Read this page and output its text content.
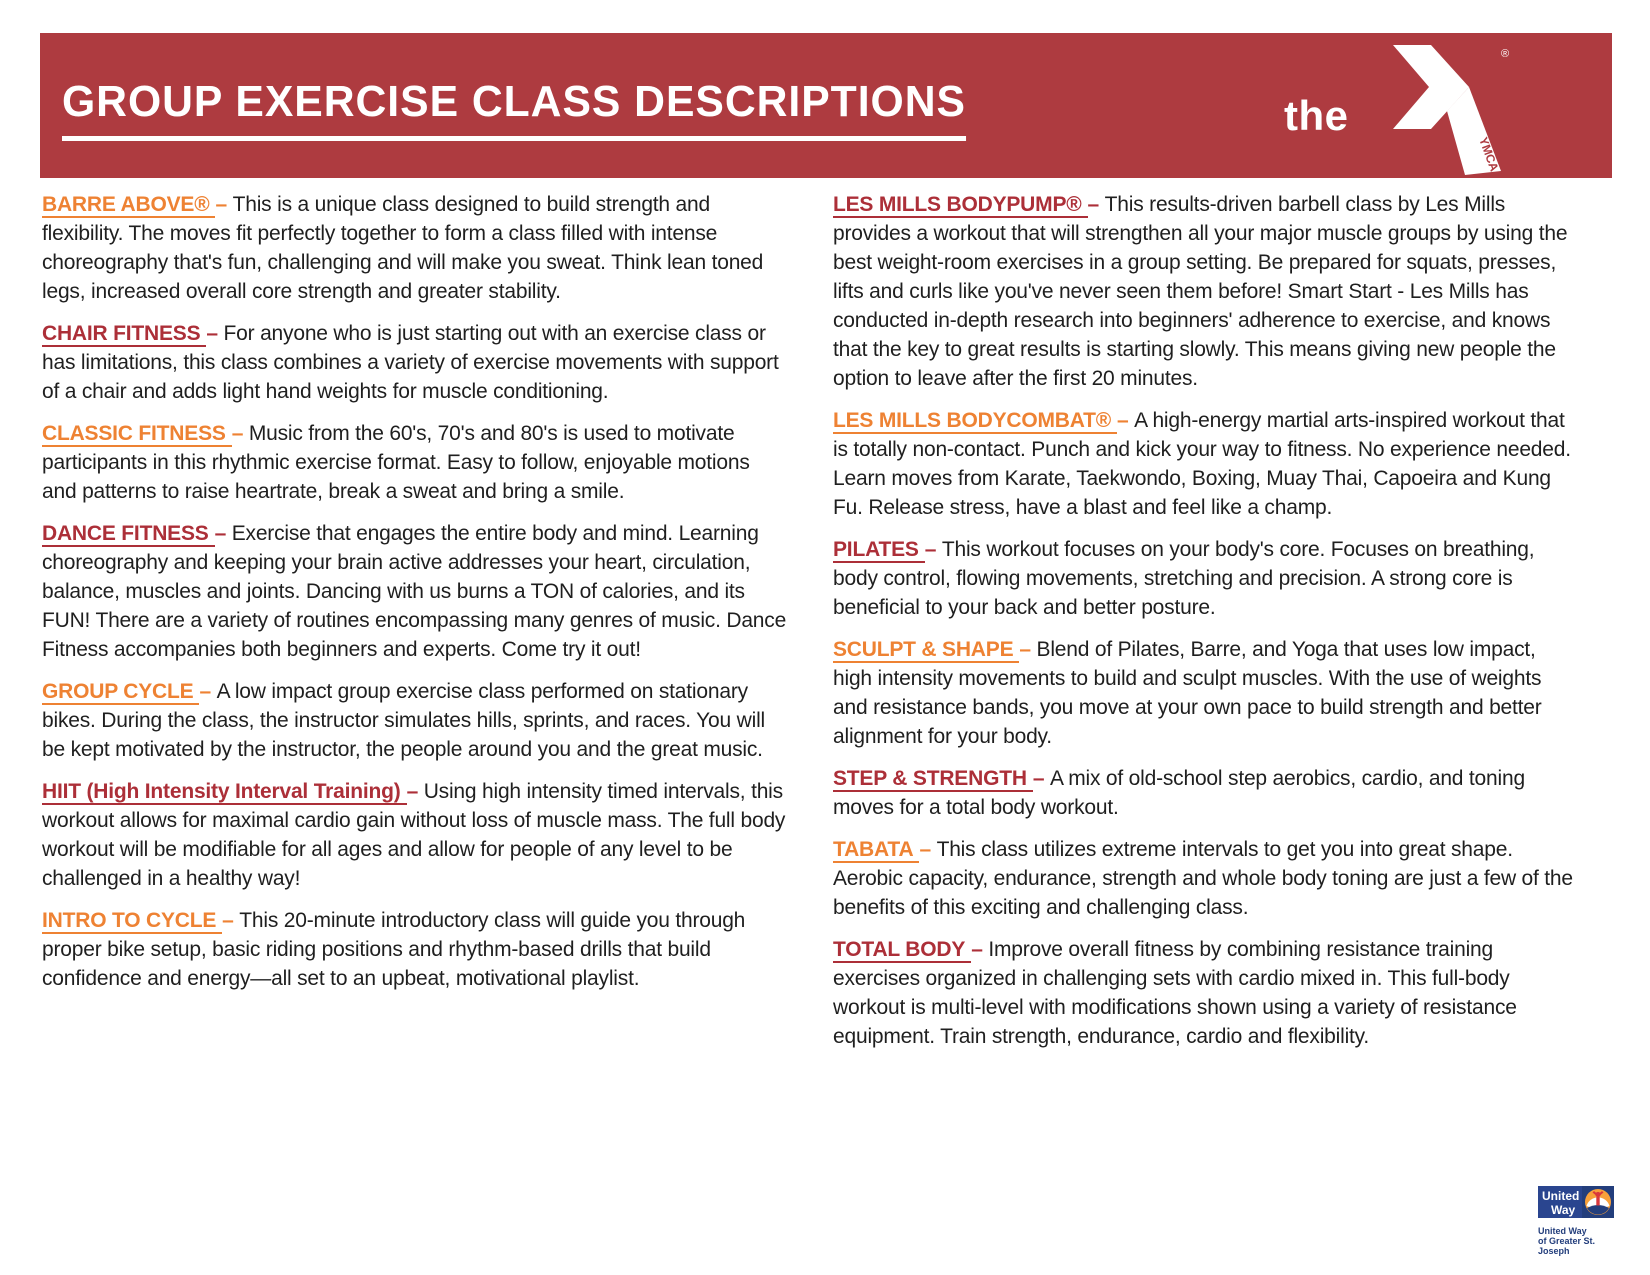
GROUP EXERCISE CLASS DESCRIPTIONS	the
YMCA
®

BARRE ABOVE® – This is a unique class designed to build strength and flexibility. The moves fit perfectly together to form a class filled with intense choreography that's fun, challenging and will make you sweat. Think lean toned legs, increased overall core strength and greater stability.

CHAIR FITNESS – For anyone who is just starting out with an exercise class or has limitations, this class combines a variety of exercise movements with support of a chair and adds light hand weights for muscle conditioning.

CLASSIC FITNESS – Music from the 60's, 70's and 80's is used to motivate participants in this rhythmic exercise format. Easy to follow, enjoyable motions and patterns to raise heartrate, break a sweat and bring a smile.

DANCE FITNESS – Exercise that engages the entire body and mind. Learning choreography and keeping your brain active addresses your heart, circulation, balance, muscles and joints. Dancing with us burns a TON of calories, and its FUN! There are a variety of routines encompassing many genres of music. Dance Fitness accompanies both beginners and experts. Come try it out!

GROUP CYCLE – A low impact group exercise class performed on stationary bikes. During the class, the instructor simulates hills, sprints, and races. You will be kept motivated by the instructor, the people around you and the great music.

HIIT (High Intensity Interval Training) – Using high intensity timed intervals, this workout allows for maximal cardio gain without loss of muscle mass. The full body workout will be modifiable for all ages and allow for people of any level to be challenged in a healthy way!

INTRO TO CYCLE – This 20-minute introductory class will guide you through proper bike setup, basic riding positions and rhythm-based drills that build confidence and energy—all set to an upbeat, motivational playlist.

LES MILLS BODYPUMP® – This results-driven barbell class by Les Mills provides a workout that will strengthen all your major muscle groups by using the best weight-room exercises in a group setting. Be prepared for squats, presses, lifts and curls like you've never seen them before! Smart Start - Les Mills has conducted in-depth research into beginners' adherence to exercise, and knows that the key to great results is starting slowly. This means giving new people the option to leave after the first 20 minutes.

LES MILLS BODYCOMBAT® – A high-energy martial arts-inspired workout that is totally non-contact. Punch and kick your way to fitness. No experience needed. Learn moves from Karate, Taekwondo, Boxing, Muay Thai, Capoeira and Kung Fu. Release stress, have a blast and feel like a champ.

PILATES – This workout focuses on your body's core. Focuses on breathing, body control, flowing movements, stretching and precision. A strong core is beneficial to your back and better posture.

SCULPT & SHAPE – Blend of Pilates, Barre, and Yoga that uses low impact, high intensity movements to build and sculpt muscles. With the use of weights and resistance bands, you move at your own pace to build strength and better alignment for your body.

STEP & STRENGTH – A mix of old-school step aerobics, cardio, and toning moves for a total body workout.

TABATA – This class utilizes extreme intervals to get you into great shape. Aerobic capacity, endurance, strength and whole body toning are just a few of the benefits of this exciting and challenging class.

TOTAL BODY – Improve overall fitness by combining resistance training exercises organized in challenging sets with cardio mixed in. This full-body workout is multi-level with modifications shown using a variety of resistance equipment. Train strength, endurance, cardio and flexibility.

United
Way
United Way
of Greater St. Joseph
